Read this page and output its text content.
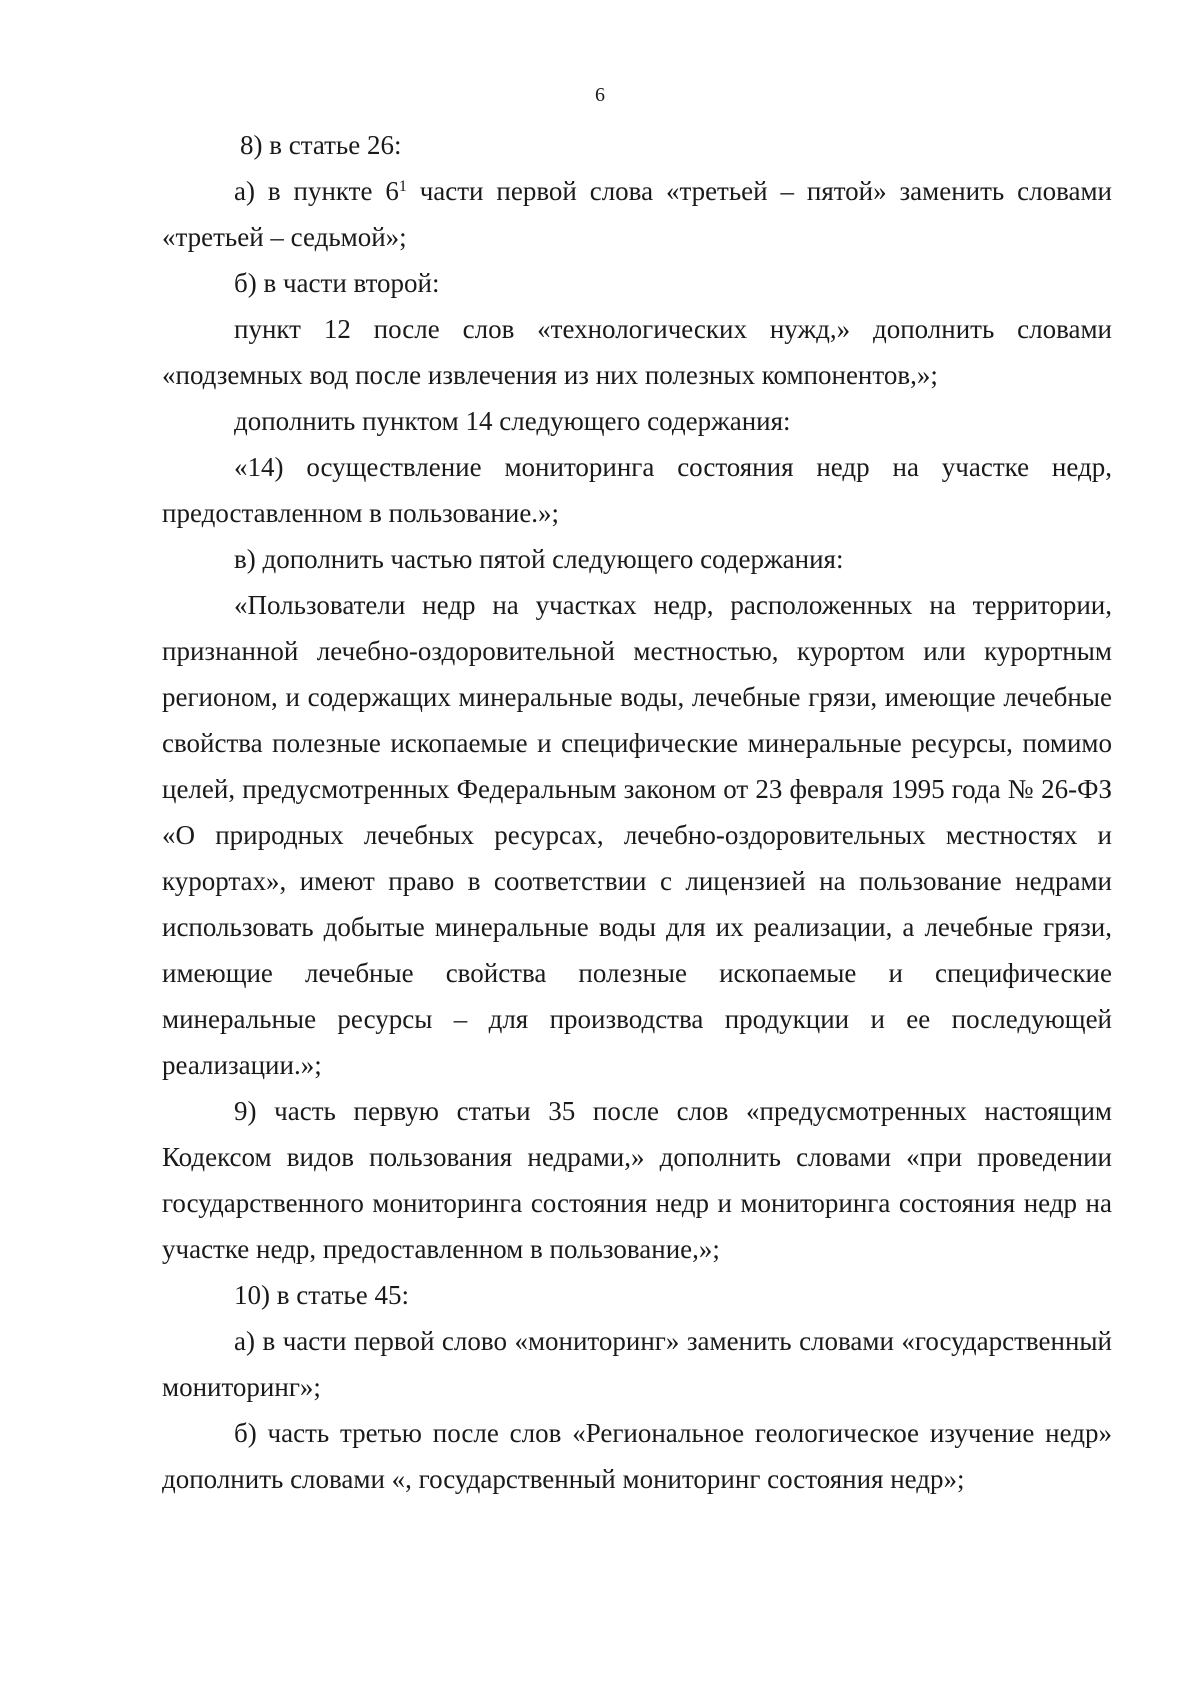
6

8) в статье 26:

а) в пункте $6^1$ части первой слова «третьей – пятой» заменить словами «третьей – седьмой»;

б) в части второй:

пункт 12 после слов «технологических нужд,» дополнить словами «подземных вод после извлечения из них полезных компонентов,»;

дополнить пунктом 14 следующего содержания:

«14) осуществление мониторинга состояния недр на участке недр, предоставленном в пользование.»;

в) дополнить частью пятой следующего содержания:

«Пользователи недр на участках недр, расположенных на территории, признанной лечебно-оздоровительной местностью, курортом или курортным регионом, и содержащих минеральные воды, лечебные грязи, имеющие лечебные свойства полезные ископаемые и специфические минеральные ресурсы, помимо целей, предусмотренных Федеральным законом от 23 февраля 1995 года № 26-ФЗ «О природных лечебных ресурсах, лечебно-оздоровительных местностях и курортах», имеют право в соответствии с лицензией на пользование недрами использовать добытые минеральные воды для их реализации, а лечебные грязи, имеющие лечебные свойства полезные ископаемые и специфические минеральные ресурсы – для производства продукции и ее последующей реализации.»;

9) часть первую статьи 35 после слов «предусмотренных настоящим Кодексом видов пользования недрами,» дополнить словами «при проведении государственного мониторинга состояния недр и мониторинга состояния недр на участке недр, предоставленном в пользование,»;

10) в статье 45:

а) в части первой слово «мониторинг» заменить словами «государственный мониторинг»;

б) часть третью после слов «Региональное геологическое изучение недр» дополнить словами «, государственный мониторинг состояния недр»;
